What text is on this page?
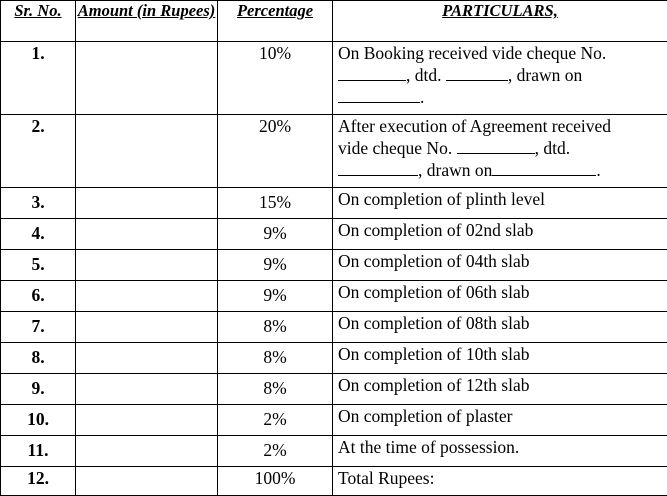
Sr. No.	Amount (in Rupees)	Percentage	PARTICULARS,
1.		10%	On Booking received vide cheque No.
, dtd. , drawn on
.

2.		20%	After execution of Agreement received
vide cheque No. , dtd.
, drawn on .

3.		15%	On completion of plinth level
4.		9%	On completion of 02nd slab
5.		9%	On completion of 04th slab
6.		9%	On completion of 06th slab
7.		8%	On completion of 08th slab
8.		8%	On completion of 10th slab
9.		8%	On completion of 12th slab
10.		2%	On completion of plaster
11.		2%	At the time of possession.
12.		100%	Total Rupees:
